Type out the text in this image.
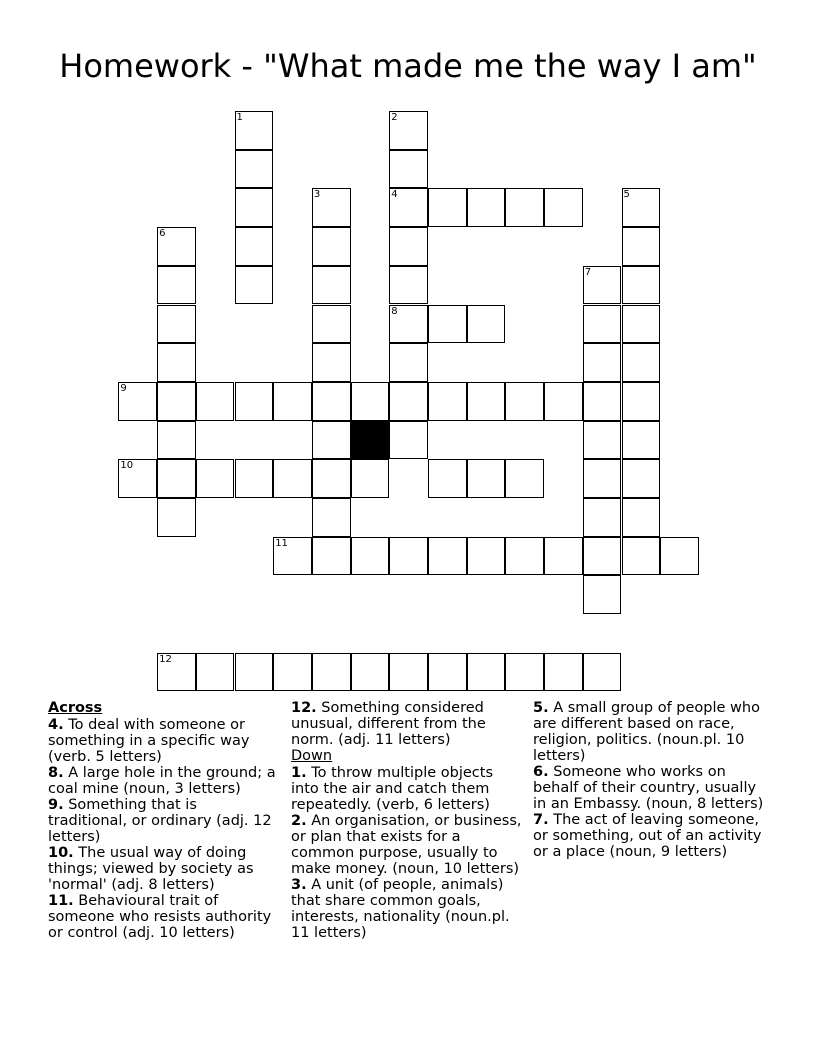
Homework - "What made me the way I am"
1	2
4
8
3	5
6
7
9
10
11
12
Across
4. To deal with someone or something in a specific way (verb. 5 letters)
8. A large hole in the ground; a coal mine (noun, 3 letters)
9. Something that is traditional, or ordinary (adj. 12 letters)
10. The usual way of doing things; viewed by society as 'normal' (adj. 8 letters)
11. Behavioural trait of someone who resists authority or control (adj. 10 letters)
12. Something considered unusual, different from the norm. (adj. 11 letters)
Down
1. To throw multiple objects into the air and catch them repeatedly. (verb, 6 letters)
2. An organisation, or business, or plan that exists for a common purpose, usually to make money. (noun, 10 letters)
3. A unit (of people, animals) that share common goals, interests, nationality (noun.pl. 11 letters)
5. A small group of people who are different based on race, religion, politics. (noun.pl. 10 letters)
6. Someone who works on behalf of their country, usually in an Embassy. (noun, 8 letters)
7. The act of leaving someone, or something, out of an activity or a place (noun, 9 letters)
